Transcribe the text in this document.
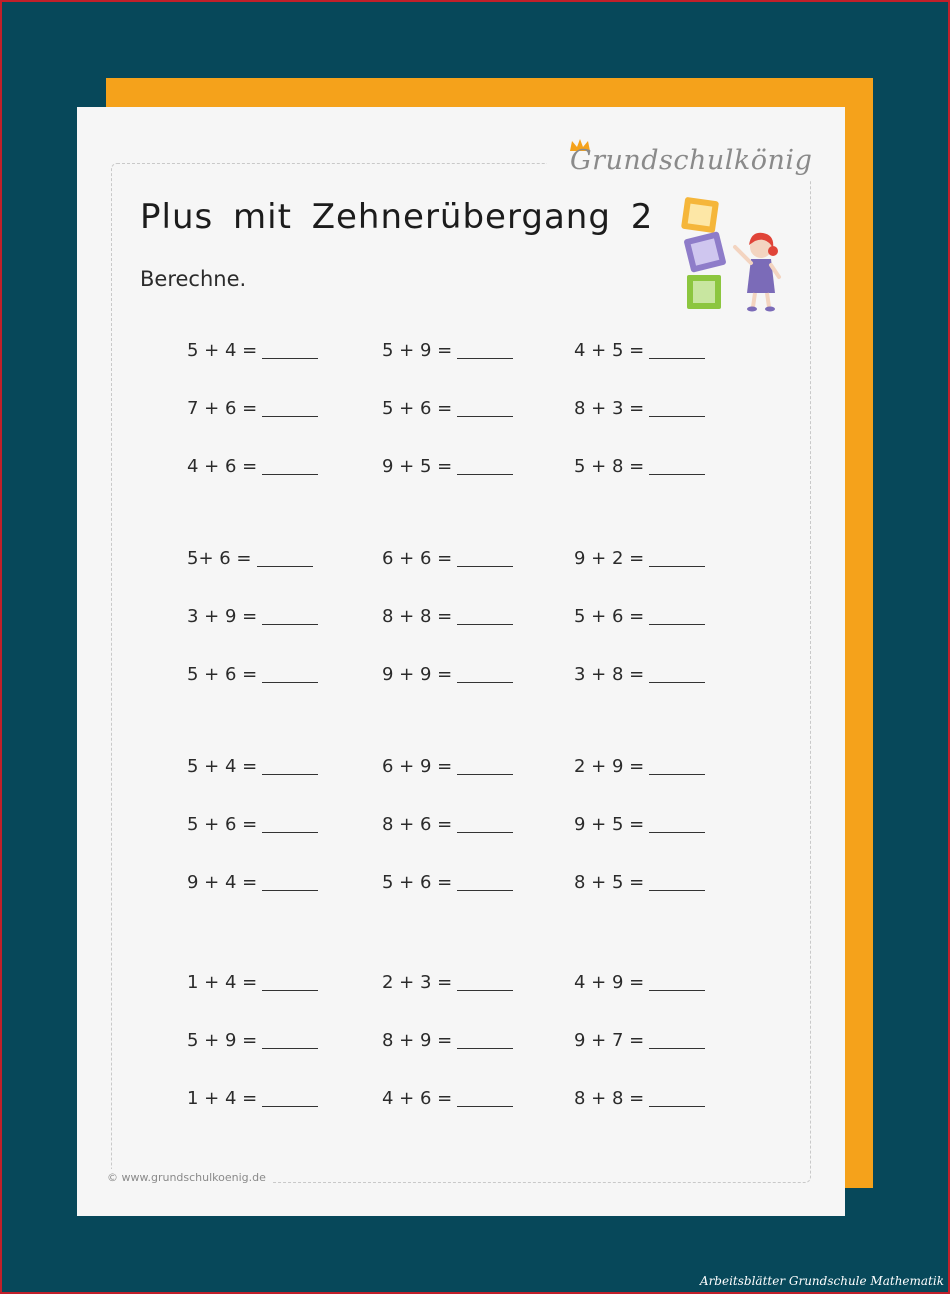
Grundschulkönig
Plus mit Zehnerübergang 2
Berechne.
5 + 4 =	5 + 9 =	4 + 5 =
7 + 6 =	5 + 6 =	8 + 3 =
4 + 6 =	9 + 5 =	5 + 8 =
5+ 6 =	6 + 6 =	9 + 2 =
3 + 9 =	8 + 8 =	5 + 6 =
5 + 6 =	9 + 9 =	3 + 8 =
5 + 4 =	6 + 9 =	2 + 9 =
5 + 6 =	8 + 6 =	9 + 5 =
9 + 4 =	5 + 6 =	8 + 5 =
1 + 4 =	2 + 3 =	4 + 9 =
5 + 9 =	8 + 9 =	9 + 7 =
1 + 4 =	4 + 6 =	8 + 8 =
© www.grundschulkoenig.de
Arbeitsblätter Grundschule Mathematik
